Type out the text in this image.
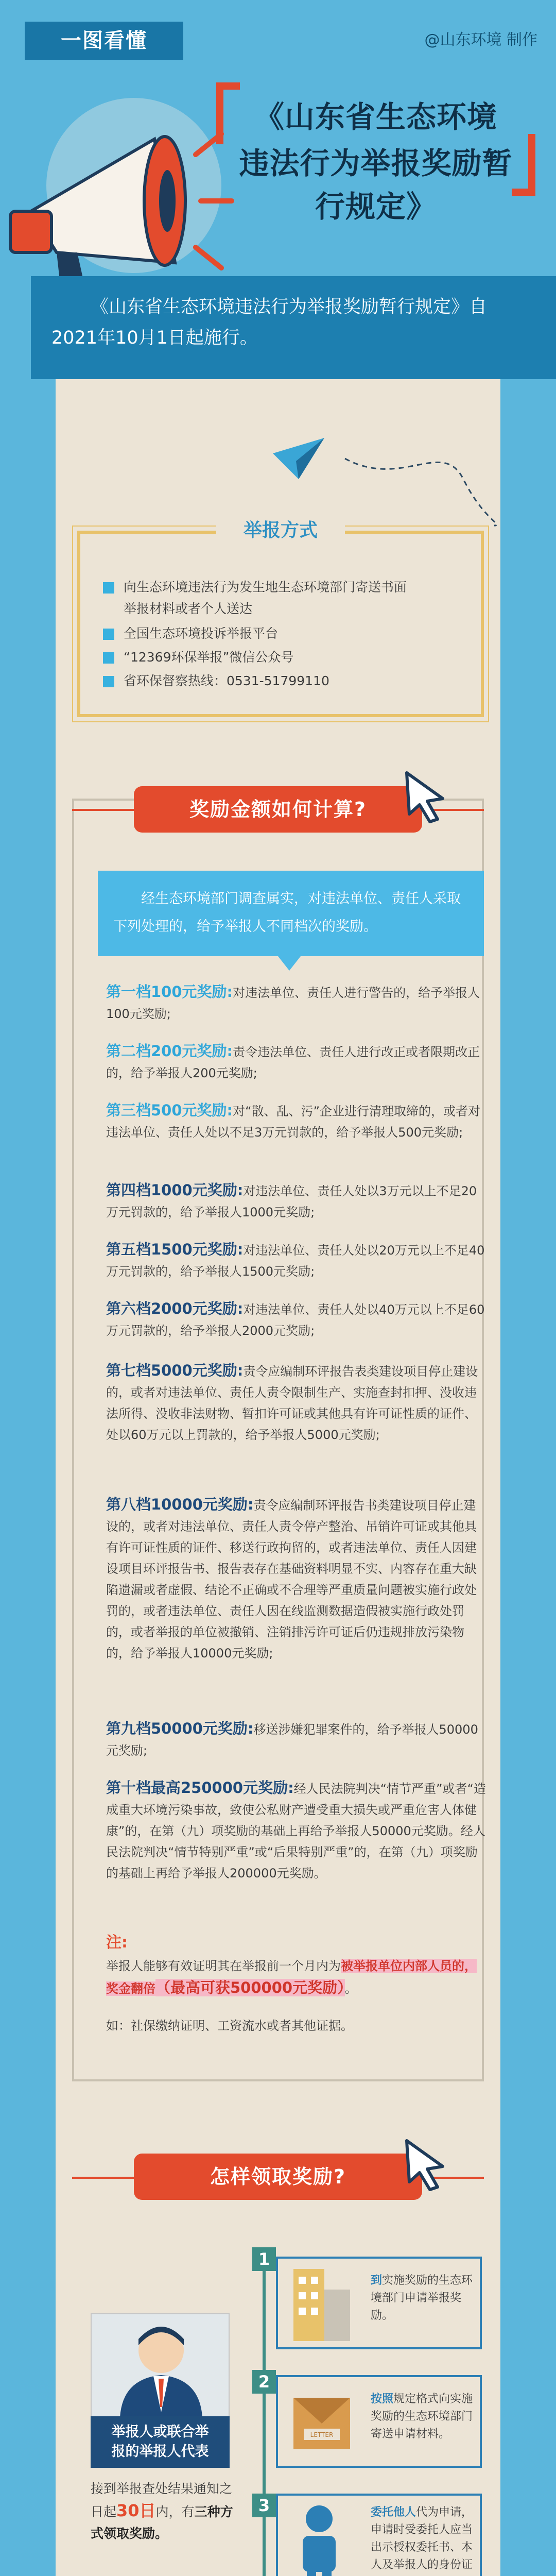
一图看懂	@山东环境 制作
《山东省生态环境
违法行为举报奖励暂行规定》

《山东省生态环境违法行为举报奖励暂行规定》自2021年10月1日起施行。

举报方式
向生态环境违法行为发生地生态环境部门寄送书面
举报材料或者个人送达
全国生态环境投诉举报平台
“12369环保举报”微信公众号
省环保督察热线：0531-51799110
奖励金额如何计算?

经生态环境部门调查属实，对违法单位、责任人采取下列处理的，给予举报人不同档次的奖励。

第一档100元奖励:对违法单位、责任人进行警告的，给予举报人100元奖励;
第二档200元奖励:责令违法单位、责任人进行改正或者限期改正的，给予举报人200元奖励;
第三档500元奖励:对“散、乱、污”企业进行清理取缔的，或者对违法单位、责任人处以不足3万元罚款的，给予举报人500元奖励;
第四档1000元奖励:对违法单位、责任人处以3万元以上不足20万元罚款的，给予举报人1000元奖励;
第五档1500元奖励:对违法单位、责任人处以20万元以上不足40万元罚款的，给予举报人1500元奖励;
第六档2000元奖励:对违法单位、责任人处以40万元以上不足60万元罚款的，给予举报人2000元奖励;
第七档5000元奖励:责令应编制环评报告表类建设项目停止建设的，或者对违法单位、责任人责令限制生产、实施查封扣押、没收违法所得、没收非法财物、暂扣许可证或其他具有许可证性质的证件、处以60万元以上罚款的，给予举报人5000元奖励;
第八档10000元奖励:责令应编制环评报告书类建设项目停止建设的，或者对违法单位、责任人责令停产整治、吊销许可证或其他具有许可证性质的证件、移送行政拘留的，或者违法单位、责任人因建设项目环评报告书、报告表存在基础资料明显不实、内容存在重大缺陷遗漏或者虚假、结论不正确或不合理等严重质量问题被实施行政处罚的，或者违法单位、责任人因在线监测数据造假被实施行政处罚的，或者举报的单位被撤销、注销排污许可证后仍违规排放污染物的，给予举报人10000元奖励;
第九档50000元奖励:移送涉嫌犯罪案件的，给予举报人50000元奖励;
第十档最高250000元奖励:经人民法院判决“情节严重”或者“造成重大环境污染事故，致使公私财产遭受重大损失或严重危害人体健康”的，在第（九）项奖励的基础上再给予举报人50000元奖励。经人民法院判决“情节特别严重”或“后果特别严重”的，在第（九）项奖励的基础上再给予举报人200000元奖励。
注:
举报人能够有效证明其在举报前一个月内为被举报单位内部人员的，奖金翻倍（最高可获500000元奖励）。
如：社保缴纳证明、工资流水或者其他证据。
怎样领取奖励?
举报人或联合举
报的举报人代表
接到举报查处结果通知之日起30日内，有三种方式领取奖励。
1
2
3
到实施奖励的生态环境部门申请举报奖励。
LETTER
按照规定格式向实施奖励的生态环境部门寄送申请材料。
委托他人代为申请，申请时受委托人应当出示授权委托书、本人及举报人的身份证
